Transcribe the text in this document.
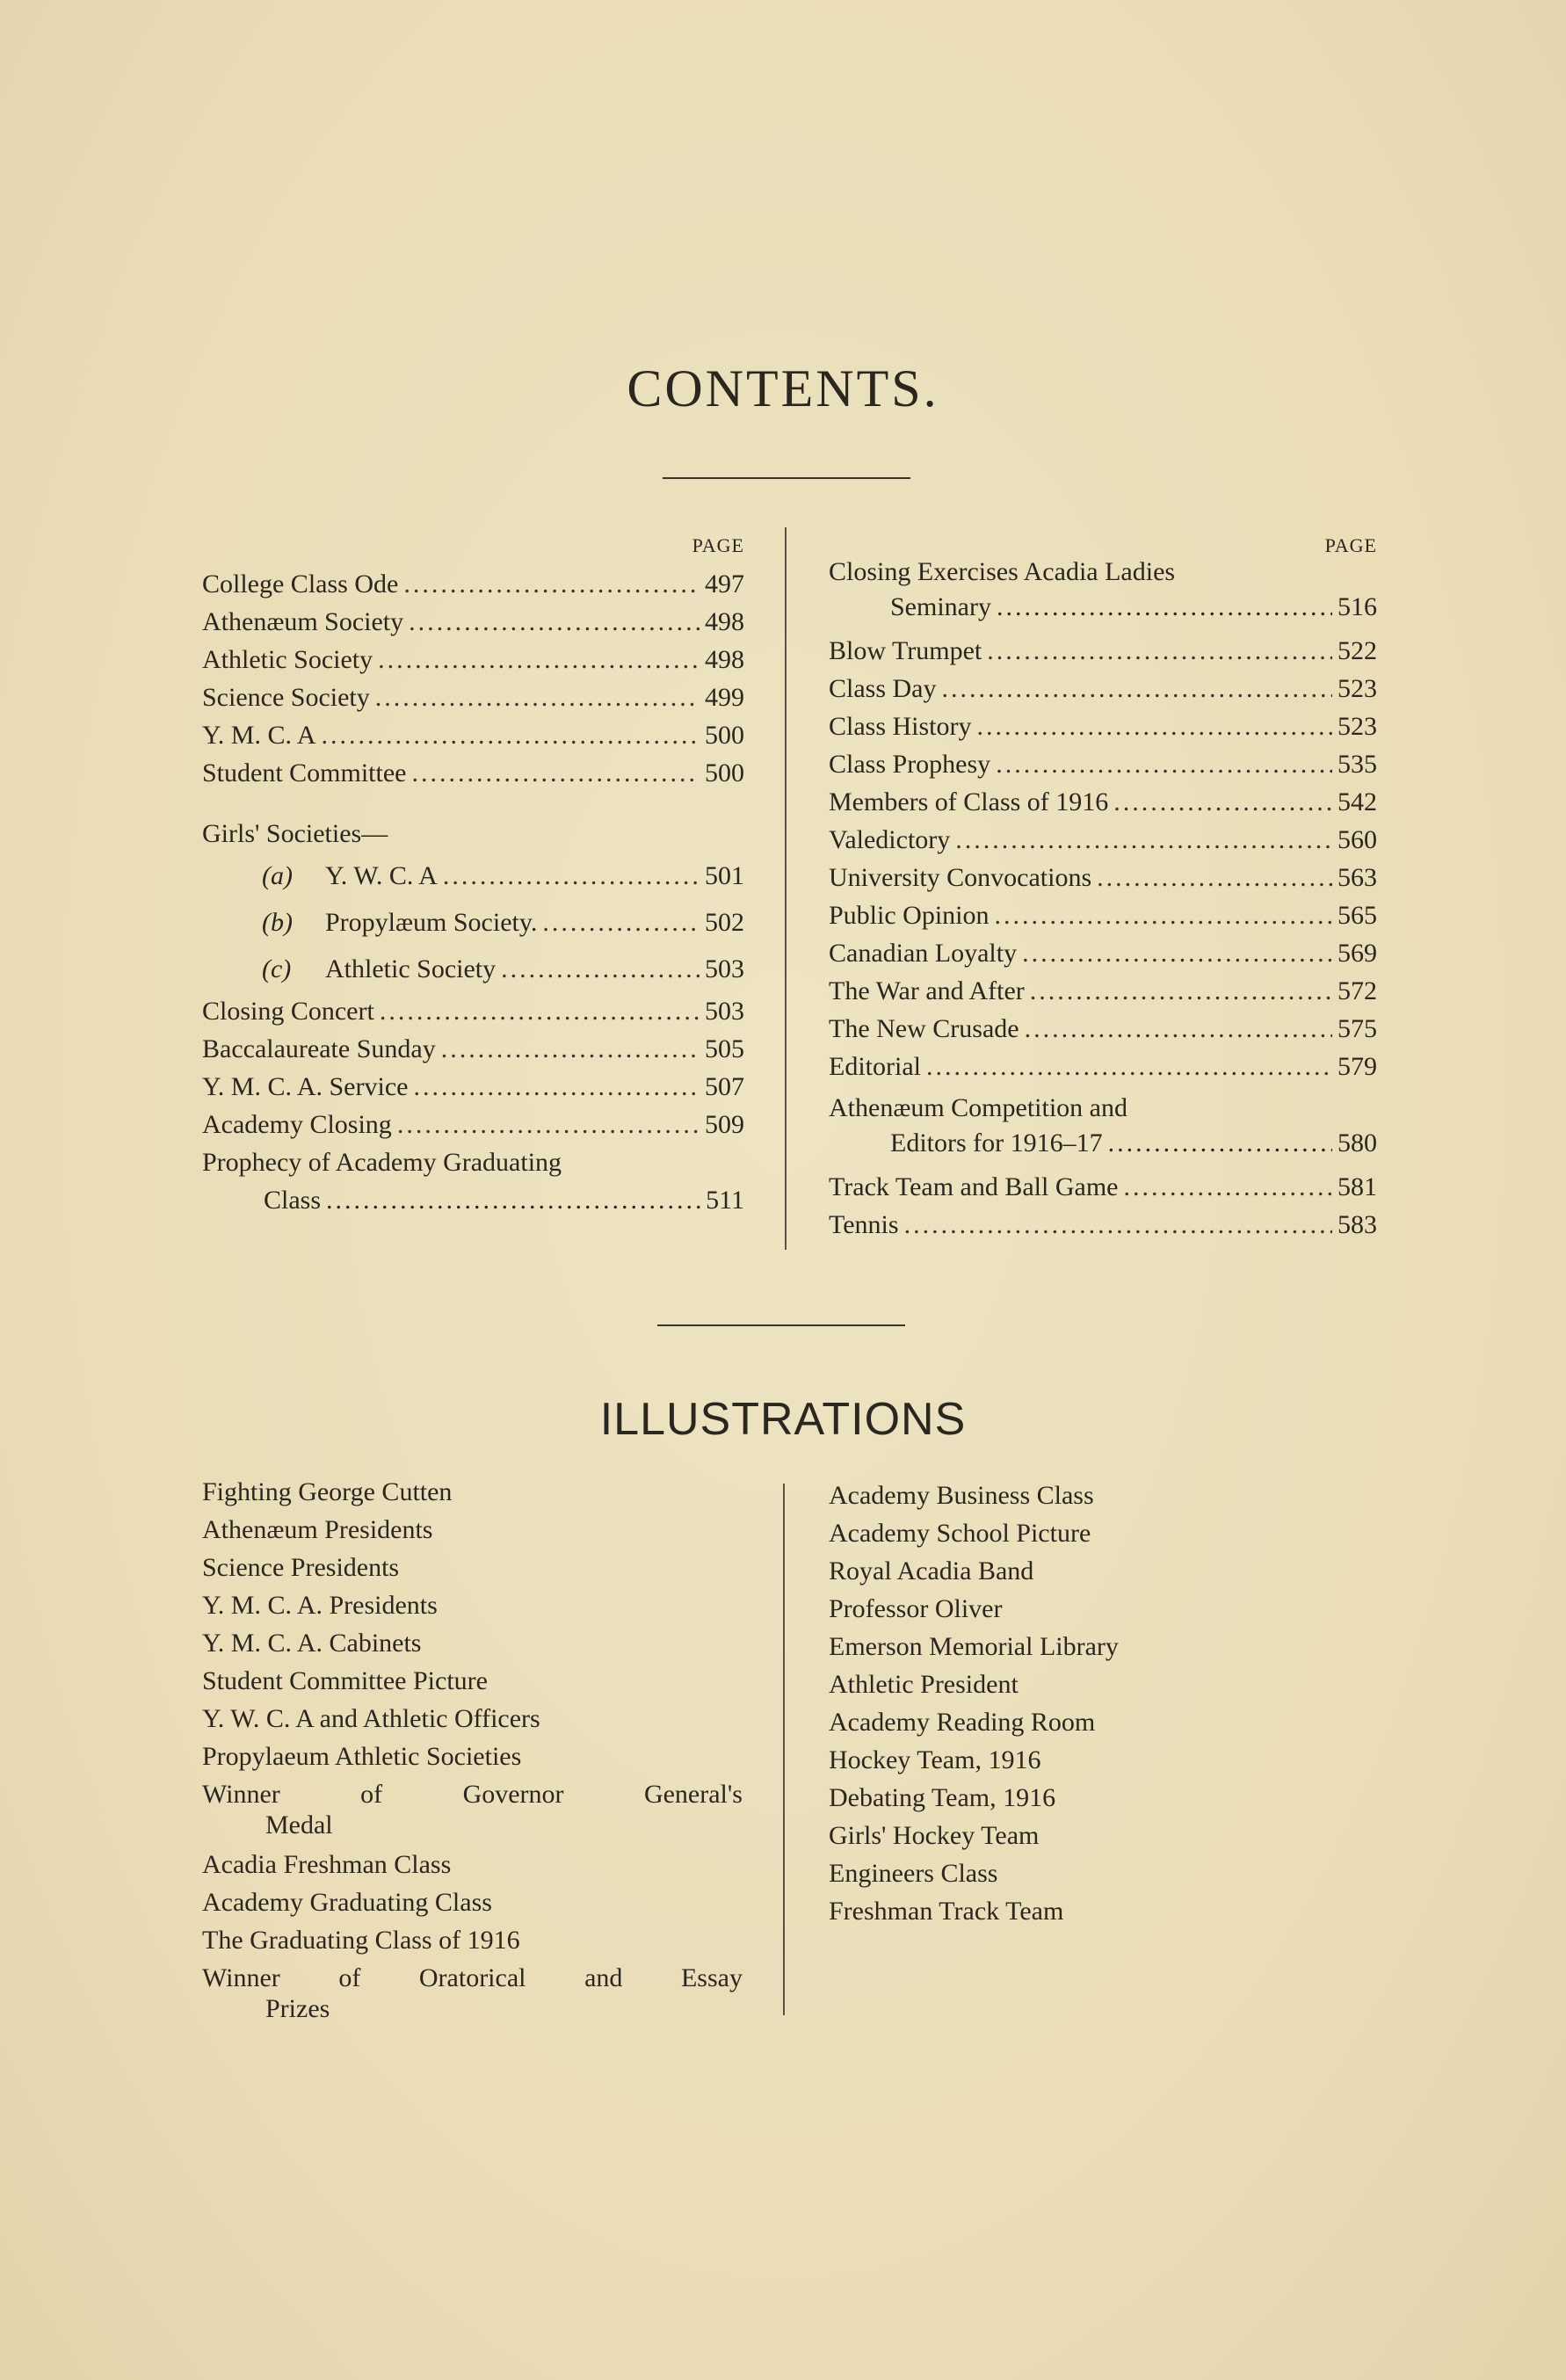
CONTENTS.
PAGE
College Class Ode .....	497
Athenæum Society .....	498
Athletic Society .....	498
Science Society .....	499
Y. M. C. A .....	500
Student Committee .....	500
Girls' Societies—
(a) Y. W. C. A .....	501
(b) Propylæum Society. .....	502
(c) Athletic Society .....	503
Closing Concert .....	503
Baccalaureate Sunday .....	505
Y. M. C. A. Service .....	507
Academy Closing .....	509
Prophecy of Academy Graduating
Class .....	511
PAGE
Closing Exercises Acadia Ladies
Seminary .....	516
Blow Trumpet .....	522
Class Day .....	523
Class History .....	523
Class Prophesy .....	535
Members of Class of 1916 .....	542
Valedictory .....	560
University Convocations .....	563
Public Opinion .....	565
Canadian Loyalty .....	569
The War and After .....	572
The New Crusade .....	575
Editorial .....	579
Athenæum Competition and
Editors for 1916–17 .....	580
Track Team and Ball Game .....	581
Tennis .....	583
ILLUSTRATIONS
Fighting George Cutten
Athenæum Presidents
Science Presidents
Y. M. C. A. Presidents
Y. M. C. A. Cabinets
Student Committee Picture
Y. W. C. A and Athletic Officers
Propylaeum Athletic Societies
Winner	of	Governor	General's
Medal
Acadia Freshman Class
Academy Graduating Class
The Graduating Class of 1916
Winner of Oratorical and Essay
Prizes
Academy Business Class
Academy School Picture
Royal Acadia Band
Professor Oliver
Emerson Memorial Library
Athletic President
Academy Reading Room
Hockey Team, 1916
Debating Team, 1916
Girls' Hockey Team
Engineers Class
Freshman Track Team
